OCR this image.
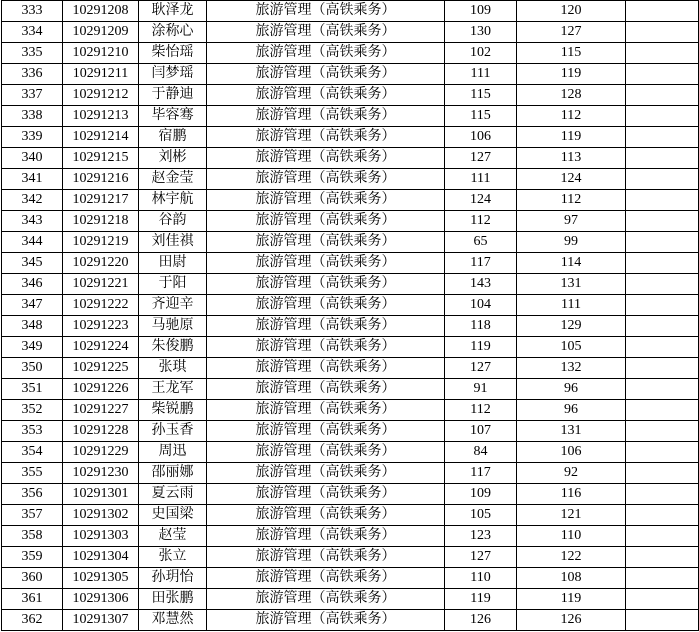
333	10291208	耿泽龙	旅游管理（高铁乘务）	109	120	
334	10291209	涂称心	旅游管理（高铁乘务）	130	127	
335	10291210	柴怡瑶	旅游管理（高铁乘务）	102	115	
336	10291211	闫梦瑶	旅游管理（高铁乘务）	111	119	
337	10291212	于静迪	旅游管理（高铁乘务）	115	128	
338	10291213	毕容骞	旅游管理（高铁乘务）	115	112	
339	10291214	宿鹏	旅游管理（高铁乘务）	106	119	
340	10291215	刘彬	旅游管理（高铁乘务）	127	113	
341	10291216	赵金莹	旅游管理（高铁乘务）	111	124	
342	10291217	林宇航	旅游管理（高铁乘务）	124	112	
343	10291218	谷韵	旅游管理（高铁乘务）	112	97	
344	10291219	刘佳祺	旅游管理（高铁乘务）	65	99	
345	10291220	田尉	旅游管理（高铁乘务）	117	114	
346	10291221	于阳	旅游管理（高铁乘务）	143	131	
347	10291222	齐迎辛	旅游管理（高铁乘务）	104	111	
348	10291223	马驰原	旅游管理（高铁乘务）	118	129	
349	10291224	朱俊鹏	旅游管理（高铁乘务）	119	105	
350	10291225	张琪	旅游管理（高铁乘务）	127	132	
351	10291226	王龙军	旅游管理（高铁乘务）	91	96	
352	10291227	柴锐鹏	旅游管理（高铁乘务）	112	96	
353	10291228	孙玉香	旅游管理（高铁乘务）	107	131	
354	10291229	周迅	旅游管理（高铁乘务）	84	106	
355	10291230	邵丽娜	旅游管理（高铁乘务）	117	92	
356	10291301	夏云雨	旅游管理（高铁乘务）	109	116	
357	10291302	史国梁	旅游管理（高铁乘务）	105	121	
358	10291303	赵莹	旅游管理（高铁乘务）	123	110	
359	10291304	张立	旅游管理（高铁乘务）	127	122	
360	10291305	孙玥怡	旅游管理（高铁乘务）	110	108	
361	10291306	田张鹏	旅游管理（高铁乘务）	119	119	
362	10291307	邓慧然	旅游管理（高铁乘务）	126	126	
